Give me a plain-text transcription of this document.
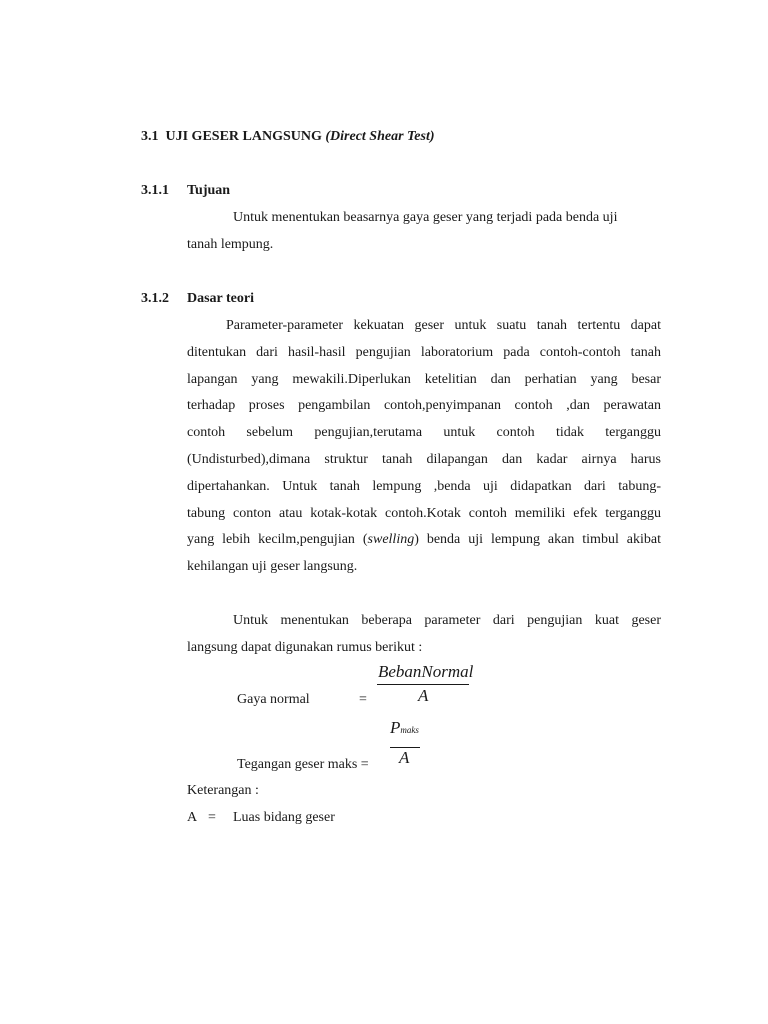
3.1 UJI GESER LANGSUNG (Direct Shear Test)
3.1.1 Tujuan
Untuk menentukan beasarnya gaya geser yang terjadi pada benda uji
tanah lempung.
3.1.2 Dasar teori
Parameter-parameter kekuatan geser untuk suatu tanah tertentu dapat
ditentukan dari hasil-hasil pengujian laboratorium pada contoh-contoh tanah
lapangan yang mewakili.Diperlukan ketelitian dan perhatian yang besar
terhadap proses pengambilan contoh,penyimpanan contoh ,dan perawatan
contoh sebelum pengujian,terutama untuk contoh tidak terganggu
(Undisturbed),dimana struktur tanah dilapangan dan kadar airnya harus
dipertahankan. Untuk tanah lempung ,benda uji didapatkan dari tabung-
tabung conton atau kotak-kotak contoh.Kotak contoh memiliki efek terganggu
yang lebih kecilm,pengujian (swelling) benda uji lempung akan timbul akibat
kehilangan uji geser langsung.
Untuk menentukan beberapa parameter dari pengujian kuat geser
langsung dapat digunakan rumus berikut :
BebanNormal
A
Gaya normal	=
Pmaks
A
Tegangan geser maks =
Keterangan :
A = Luas bidang geser
